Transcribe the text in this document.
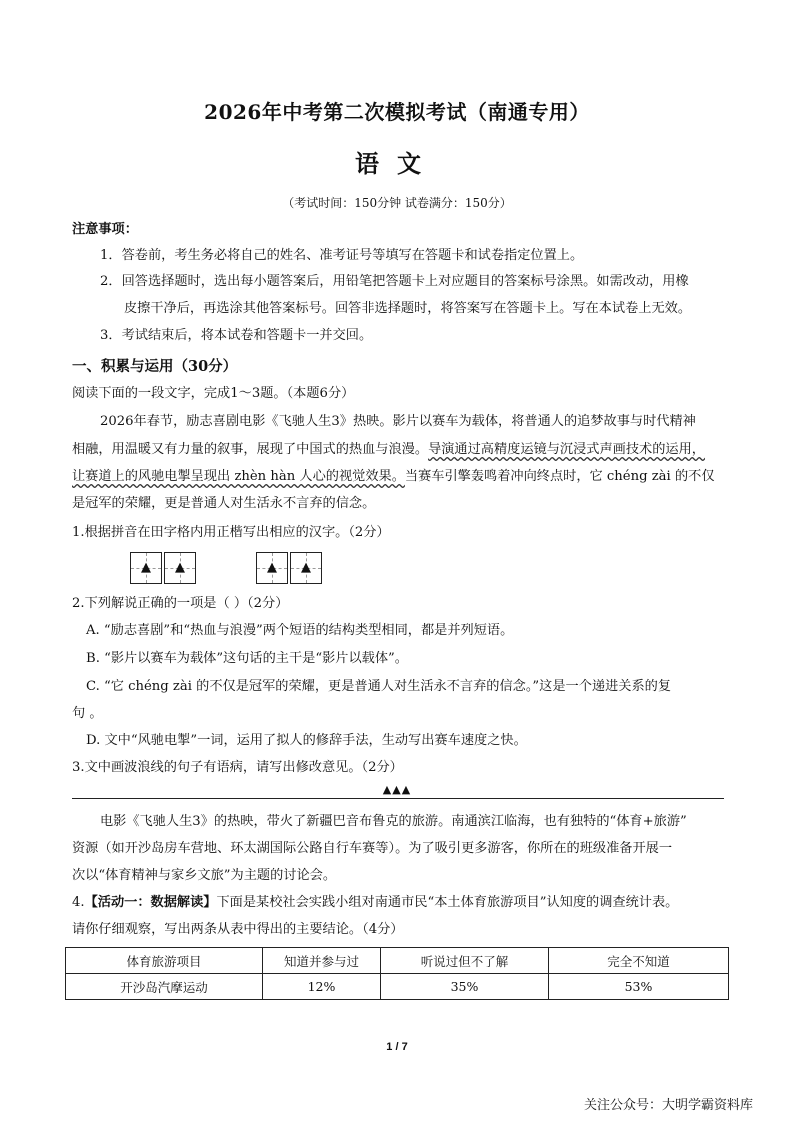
2026年中考第二次模拟考试（南通专用）
语文
（考试时间：150分钟 试卷满分：150分）
注意事项：
1．答卷前，考生务必将自己的姓名、准考证号等填写在答题卡和试卷指定位置上。
2．回答选择题时，选出每小题答案后，用铅笔把答题卡上对应题目的答案标号涂黑。如需改动，用橡
皮擦干净后，再选涂其他答案标号。回答非选择题时，将答案写在答题卡上。写在本试卷上无效。
3．考试结束后，将本试卷和答题卡一并交回。
一、积累与运用（30分）
阅读下面的一段文字，完成1～3题。（本题6分）
2026年春节，励志喜剧电影《飞驰人生3》热映。影片以赛车为载体，将普通人的追梦故事与时代精神
相融，用温暖又有力量的叙事，展现了中国式的热血与浪漫。导演通过高精度运镜与沉浸式声画技术的运用，
让赛道上的风驰电掣呈现出 zhèn hàn 人心的视觉效果。当赛车引擎轰鸣着冲向终点时，它 chéng zài 的不仅
是冠军的荣耀，更是普通人对生活永不言弃的信念。
1.根据拼音在田字格内用正楷写出相应的汉字。（2分）
▲ ▲	▲ ▲
2.下列解说正确的一项是（ ）（2分）
A. “励志喜剧”和“热血与浪漫”两个短语的结构类型相同，都是并列短语。
B. “影片以赛车为载体”这句话的主干是“影片以载体”。
C. “它 chéng zài 的不仅是冠军的荣耀，更是普通人对生活永不言弃的信念。”这是一个递进关系的复
句 。
D. 文中“风驰电掣”一词，运用了拟人的修辞手法，生动写出赛车速度之快。
3.文中画波浪线的句子有语病，请写出修改意见。（2分）
▲▲▲
电影《飞驰人生3》的热映，带火了新疆巴音布鲁克的旅游。南通滨江临海，也有独特的“体育+旅游”
资源（如开沙岛房车营地、环太湖国际公路自行车赛等）。为了吸引更多游客，你所在的班级准备开展一
次以“体育精神与家乡文旅”为主题的讨论会。
4.【活动一：数据解读】下面是某校社会实践小组对南通市民“本土体育旅游项目”认知度的调查统计表。
请你仔细观察，写出两条从表中得出的主要结论。（4分）
体育旅游项目	知道并参与过	听说过但不了解	完全不知道
开沙岛汽摩运动	12%	35%	53%
1 / 7
关注公众号：大明学霸资料库
